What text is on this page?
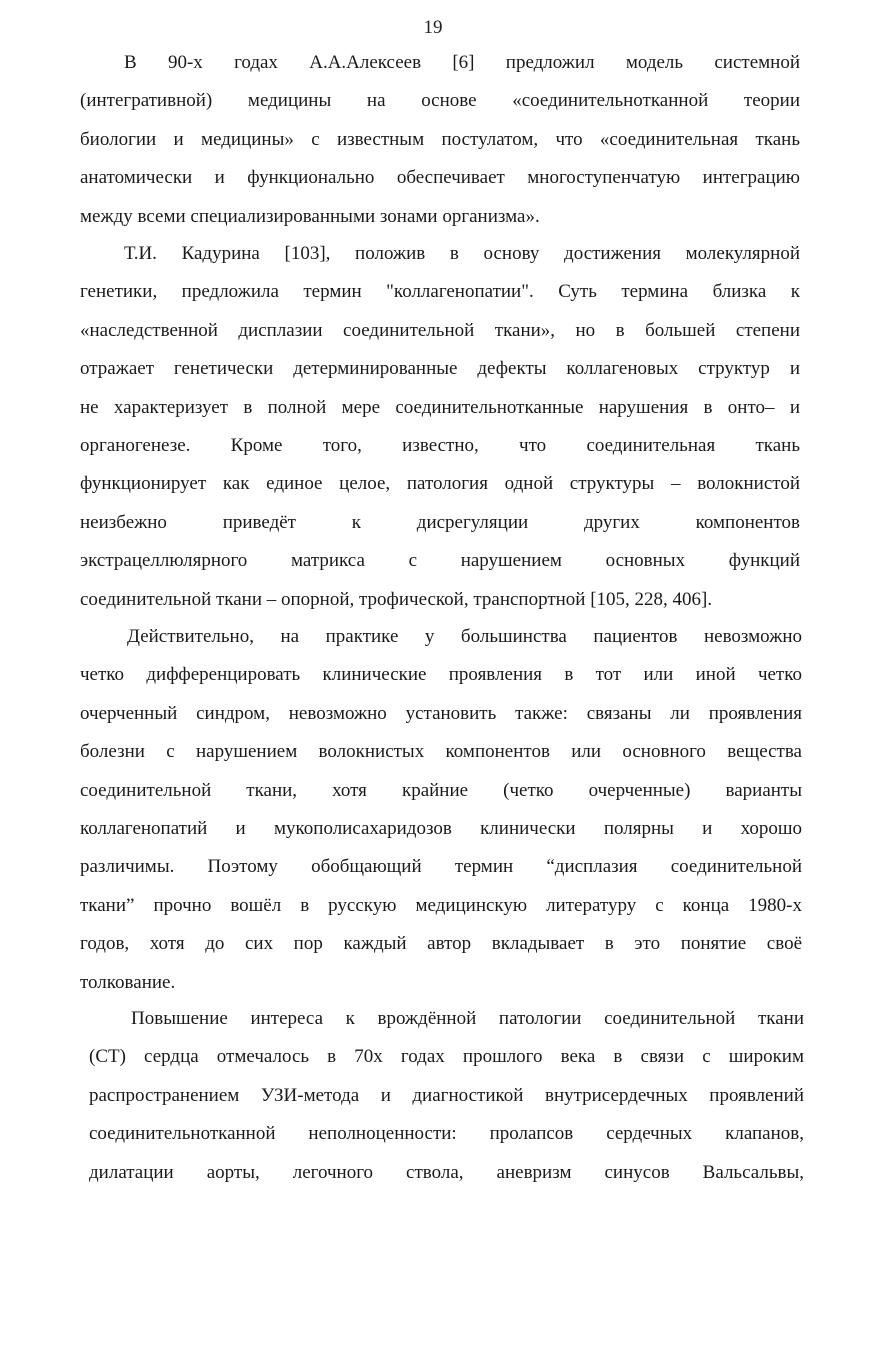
19
В 90-х годах А.А.Алексеев [6] предложил модель системной
(интегративной) медицины на основе «соединительнотканной теории
биологии и медицины» с известным постулатом, что «соединительная ткань
анатомически и функционально обеспечивает многоступенчатую интеграцию
между всеми специализированными зонами организма».
Т.И. Кадурина [103], положив в основу достижения молекулярной
генетики, предложила термин "коллагенопатии". Суть термина близка к
«наследственной дисплазии соединительной ткани», но в большей степени
отражает генетически детерминированные дефекты коллагеновых структур и
не характеризует в полной мере соединительнотканные нарушения в онто– и
органогенезе. Кроме того, известно, что соединительная ткань
функционирует как единое целое, патология одной структуры – волокнистой
неизбежно приведёт к дисрегуляции других компонентов
экстрацеллюлярного матрикса с нарушением основных функций
соединительной ткани – опорной, трофической, транспортной [105, 228, 406].
Действительно, на практике у большинства пациентов невозможно
четко дифференцировать клинические проявления в тот или иной четко
очерченный синдром, невозможно установить также: связаны ли проявления
болезни с нарушением волокнистых компонентов или основного вещества
соединительной ткани, хотя крайние (четко очерченные) варианты
коллагенопатий и мукополисахаридозов клинически полярны и хорошо
различимы. Поэтому обобщающий термин “дисплазия соединительной
ткани” прочно вошёл в русскую медицинскую литературу с конца 1980-х
годов, хотя до сих пор каждый автор вкладывает в это понятие своё
толкование.
Повышение интереса к врождённой патологии соединительной ткани
(СТ) сердца отмечалось в 70х годах прошлого века в связи с широким
распространением УЗИ-метода и диагностикой внутрисердечных проявлений
соединительнотканной неполноценности: пролапсов сердечных клапанов,
дилатации аорты, легочного ствола, аневризм синусов Вальсальвы,
